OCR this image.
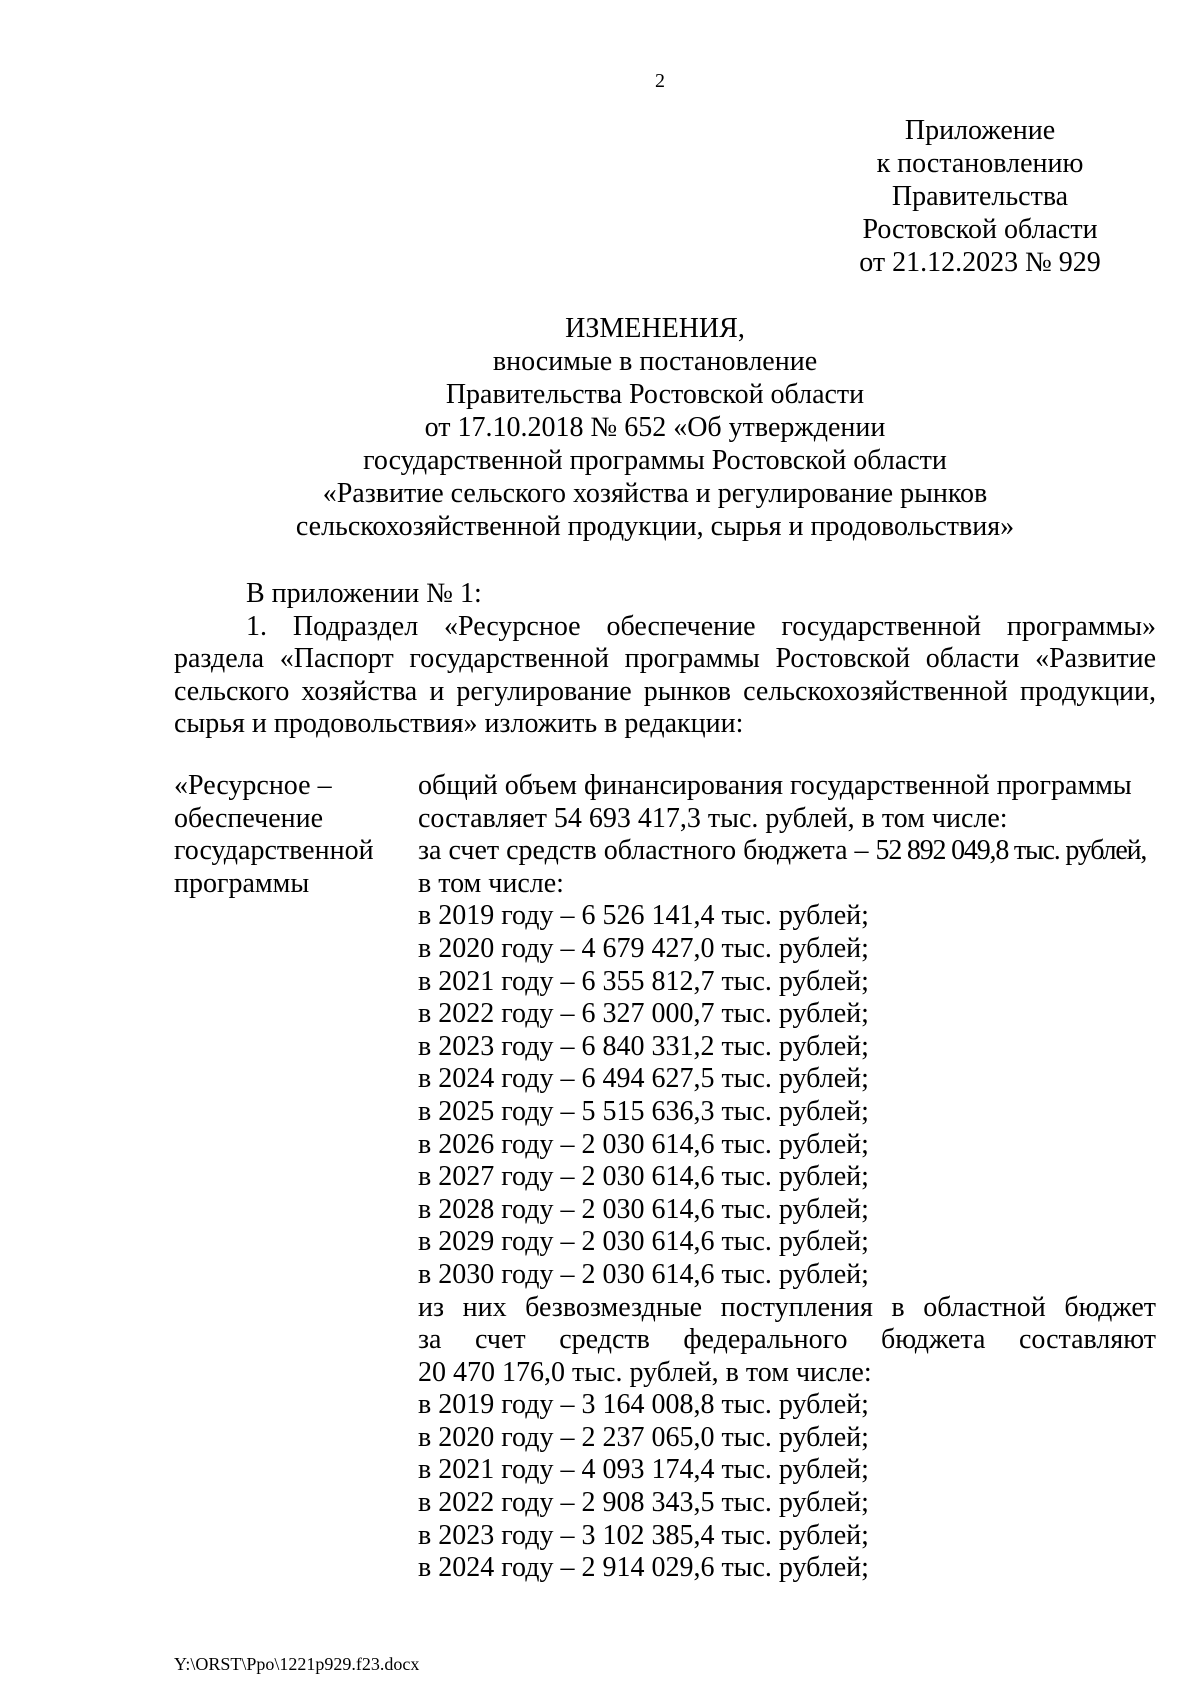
2
Приложение
к постановлению
Правительства
Ростовской области
от 21.12.2023 № 929
ИЗМЕНЕНИЯ,
вносимые в постановление
Правительства Ростовской области
от 17.10.2018 № 652 «Об утверждении
государственной программы Ростовской области
«Развитие сельского хозяйства и регулирование рынков
сельскохозяйственной продукции, сырья и продовольствия»
В приложении № 1:
1. Подраздел «Ресурсное обеспечение государственной программы»
раздела «Паспорт государственной программы Ростовской области «Развитие
сельского хозяйства и регулирование рынков сельскохозяйственной продукции,
сырья и продовольствия» изложить в редакции:
«Ресурсное –
обеспечение
государственной
программы
общий объем финансирования государственной программы
составляет 54 693 417,3 тыс. рублей, в том числе:
за счет средств областного бюджета – 52 892 049,8 тыс. рублей,
в том числе:
в 2019 году – 6 526 141,4 тыс. рублей;
в 2020 году – 4 679 427,0 тыс. рублей;
в 2021 году – 6 355 812,7 тыс. рублей;
в 2022 году – 6 327 000,7 тыс. рублей;
в 2023 году – 6 840 331,2 тыс. рублей;
в 2024 году – 6 494 627,5 тыс. рублей;
в 2025 году – 5 515 636,3 тыс. рублей;
в 2026 году – 2 030 614,6 тыс. рублей;
в 2027 году – 2 030 614,6 тыс. рублей;
в 2028 году – 2 030 614,6 тыс. рублей;
в 2029 году – 2 030 614,6 тыс. рублей;
в 2030 году – 2 030 614,6 тыс. рублей;
из них безвозмездные поступления в областной бюджет
за счет средств федерального бюджета составляют
20 470 176,0 тыс. рублей, в том числе:
в 2019 году – 3 164 008,8 тыс. рублей;
в 2020 году – 2 237 065,0 тыс. рублей;
в 2021 году – 4 093 174,4 тыс. рублей;
в 2022 году – 2 908 343,5 тыс. рублей;
в 2023 году – 3 102 385,4 тыс. рублей;
в 2024 году – 2 914 029,6 тыс. рублей;
Y:\ORST\Ppo\1221p929.f23.docx
